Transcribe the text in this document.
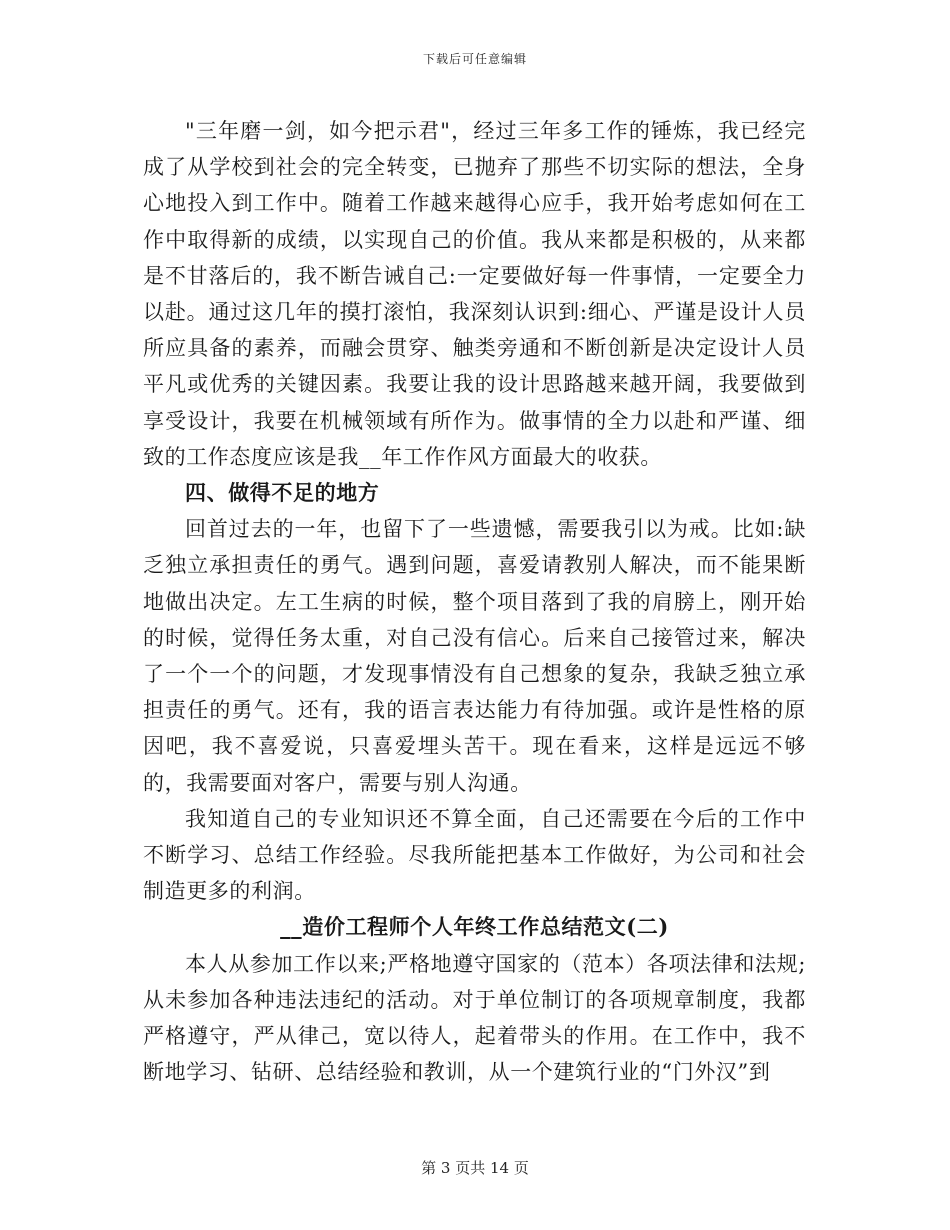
下载后可任意编辑

"三年磨一剑，如今把示君"，经过三年多工作的锤炼，我已经完成了从学校到社会的完全转变，已抛弃了那些不切实际的想法，全身心地投入到工作中。随着工作越来越得心应手，我开始考虑如何在工作中取得新的成绩，以实现自己的价值。我从来都是积极的，从来都是不甘落后的，我不断告诫自己:一定要做好每一件事情，一定要全力以赴。通过这几年的摸打滚怕，我深刻认识到:细心、严谨是设计人员所应具备的素养，而融会贯穿、触类旁通和不断创新是决定设计人员平凡或优秀的关键因素。我要让我的设计思路越来越开阔，我要做到享受设计，我要在机械领域有所作为。做事情的全力以赴和严谨、细致的工作态度应该是我__年工作作风方面最大的收获。

四、做得不足的地方

回首过去的一年，也留下了一些遗憾，需要我引以为戒。比如:缺乏独立承担责任的勇气。遇到问题，喜爱请教别人解决，而不能果断地做出决定。左工生病的时候，整个项目落到了我的肩膀上，刚开始的时候，觉得任务太重，对自己没有信心。后来自己接管过来，解决了一个一个的问题，才发现事情没有自己想象的复杂，我缺乏独立承担责任的勇气。还有，我的语言表达能力有待加强。或许是性格的原因吧，我不喜爱说，只喜爱埋头苦干。现在看来，这样是远远不够的，我需要面对客户，需要与别人沟通。

我知道自己的专业知识还不算全面，自己还需要在今后的工作中不断学习、总结工作经验。尽我所能把基本工作做好，为公司和社会制造更多的利润。

__造价工程师个人年终工作总结范文(二)

本人从参加工作以来;严格地遵守国家的（范本）各项法律和法规;从未参加各种违法违纪的活动。对于单位制订的各项规章制度，我都严格遵守，严从律己，宽以待人，起着带头的作用。在工作中，我不断地学习、钻研、总结经验和教训，从一个建筑行业的“门外汉”到

第 3 页共 14 页
